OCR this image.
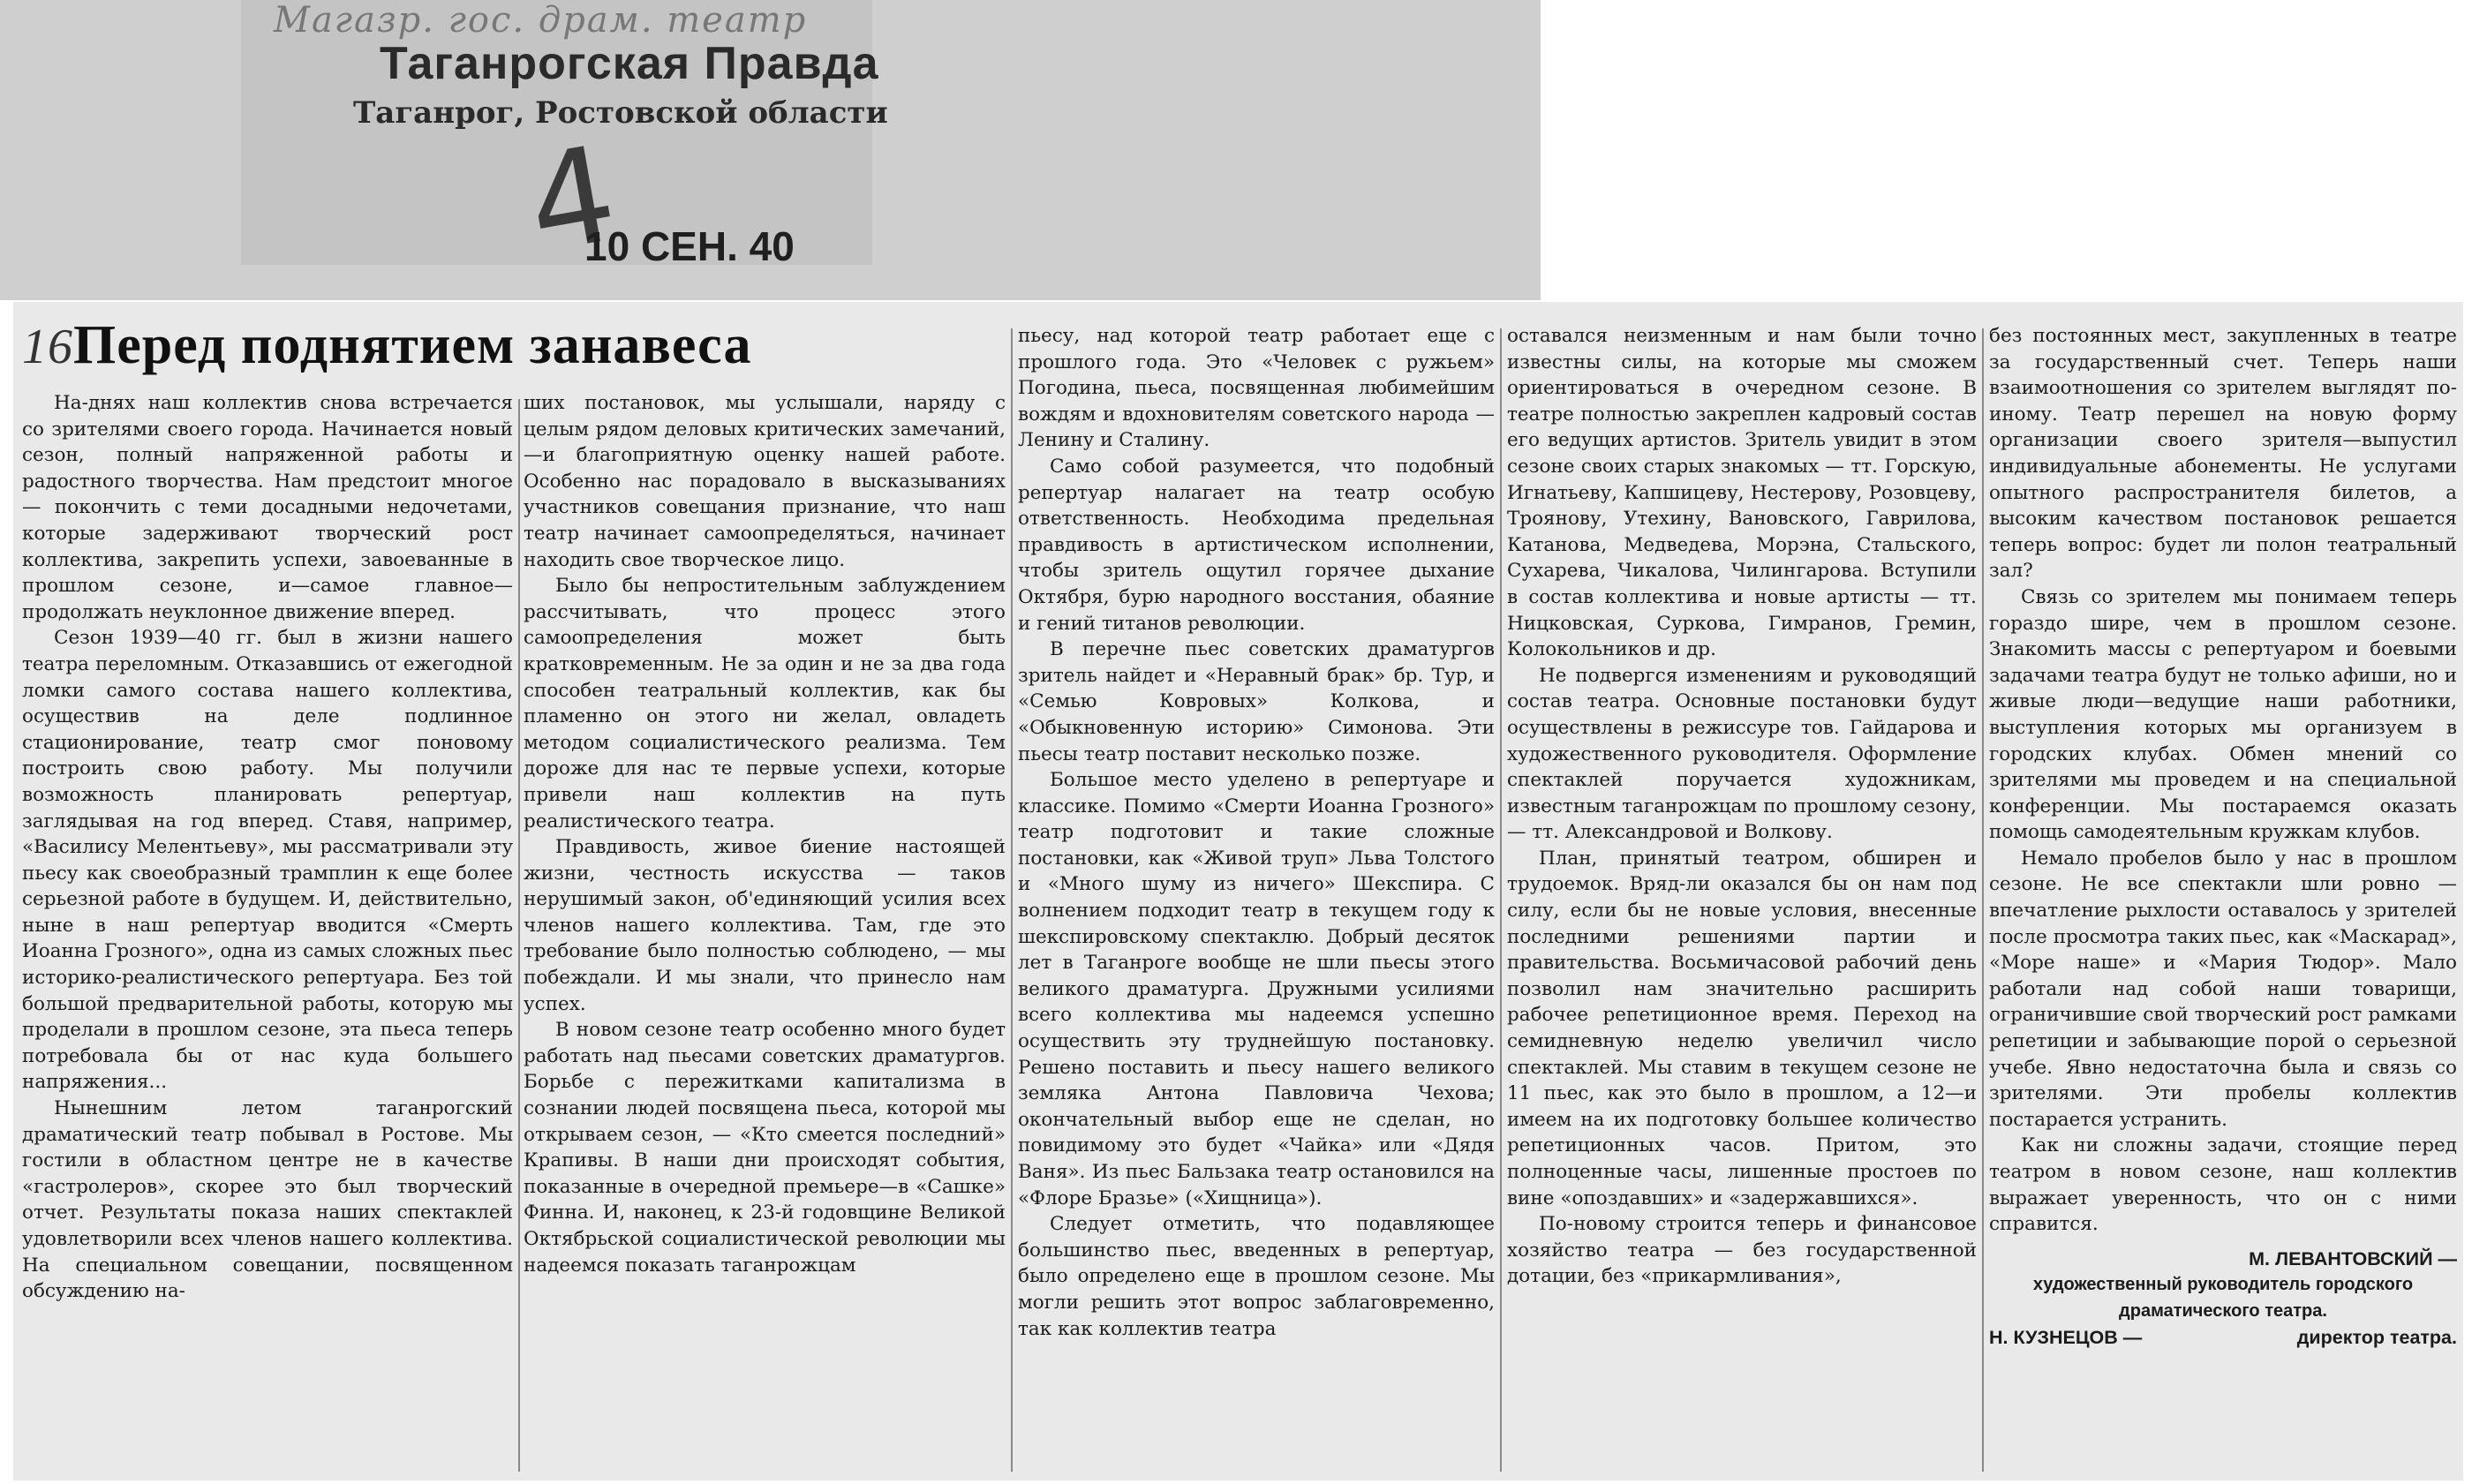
Магазр. гос. драм. театр
Таганрогская Правда
Таганрог, Ростовской области
4
10 СЕН. 40
16Перед поднятием занавеса

На-днях наш коллектив снова встречается со зрителями своего города. Начинается новый сезон, полный напряженной работы и радостного творчества. Нам предстоит многое — покончить с теми досадными недочетами, которые задерживают творческий рост коллектива, закрепить успехи, завоеванные в прошлом сезоне, и—самое главное—продолжать неуклонное движение вперед.

Сезон 1939—40 гг. был в жизни нашего театра переломным. Отказавшись от ежегодной ломки самого состава нашего коллектива, осуществив на деле подлинное стационирование, театр смог поновому построить свою работу. Мы получили возможность планировать репертуар, заглядывая на год вперед. Ставя, например, «Василису Мелентьеву», мы рассматривали эту пьесу как своеобразный трамплин к еще более серьезной работе в будущем. И, действительно, ныне в наш репертуар вводится «Смерть Иоанна Грозного», одна из самых сложных пьес историко-реалистического репертуара. Без той большой предварительной работы, которую мы проделали в прошлом сезоне, эта пьеса теперь потребовала бы от нас куда большего напряжения...

Нынешним летом таганрогский драматический театр побывал в Ростове. Мы гостили в областном центре не в качестве «гастролеров», скорее это был творческий отчет. Результаты показа наших спектаклей удовлетворили всех членов нашего коллектива. На специальном совещании, посвященном обсуждению на-

ших постановок, мы услышали, наряду с целым рядом деловых критических замечаний,—и благоприятную оценку нашей работе. Особенно нас порадовало в высказываниях участников совещания признание, что наш театр начинает самоопределяться, начинает находить свое творческое лицо.

Было бы непростительным заблуждением рассчитывать, что процесс этого самоопределения может быть кратковременным. Не за один и не за два года способен театральный коллектив, как бы пламенно он этого ни желал, овладеть методом социалистического реализма. Тем дороже для нас те первые успехи, которые привели наш коллектив на путь реалистического театра.

Правдивость, живое биение настоящей жизни, честность искусства — таков нерушимый закон, об'единяющий усилия всех членов нашего коллектива. Там, где это требование было полностью соблюдено, — мы побеждали. И мы знали, что принесло нам успех.

В новом сезоне театр особенно много будет работать над пьесами советских драматургов. Борьбе с пережитками капитализма в сознании людей посвящена пьеса, которой мы открываем сезон, — «Кто смеется последний» Крапивы. В наши дни происходят события, показанные в очередной премьере—в «Сашке» Финна. И, наконец, к 23-й годовщине Великой Октябрьской социалистической революции мы надеемся показать таганрожцам

пьесу, над которой театр работает еще с прошлого года. Это «Человек с ружьем» Погодина, пьеса, посвященная любимейшим вождям и вдохновителям советского народа — Ленину и Сталину.

Само собой разумеется, что подобный репертуар налагает на театр особую ответственность. Необходима предельная правдивость в артистическом исполнении, чтобы зритель ощутил горячее дыхание Октября, бурю народного восстания, обаяние и гений титанов революции.

В перечне пьес советских драматургов зритель найдет и «Неравный брак» бр. Тур, и «Семью Ковровых» Колкова, и «Обыкновенную историю» Симонова. Эти пьесы театр поставит несколько позже.

Большое место уделено в репертуаре и классике. Помимо «Смерти Иоанна Грозного» театр подготовит и такие сложные постановки, как «Живой труп» Льва Толстого и «Много шуму из ничего» Шекспира. С волнением подходит театр в текущем году к шекспировскому спектаклю. Добрый десяток лет в Таганроге вообще не шли пьесы этого великого драматурга. Дружными усилиями всего коллектива мы надеемся успешно осуществить эту труднейшую постановку. Решено поставить и пьесу нашего великого земляка Антона Павловича Чехова; окончательный выбор еще не сделан, но повидимому это будет «Чайка» или «Дядя Ваня». Из пьес Бальзака театр остановился на «Флоре Бразье» («Хищница»).

Следует отметить, что подавляющее большинство пьес, введенных в репертуар, было определено еще в прошлом сезоне. Мы могли решить этот вопрос заблаговременно, так как коллектив театра

оставался неизменным и нам были точно известны силы, на которые мы сможем ориентироваться в очередном сезоне. В театре полностью закреплен кадровый состав его ведущих артистов. Зритель увидит в этом сезоне своих старых знакомых — тт. Горскую, Игнатьеву, Капшицеву, Нестерову, Розовцеву, Троянову, Утехину, Вановского, Гаврилова, Катанова, Медведева, Морэна, Стальского, Сухарева, Чикалова, Чилингарова. Вступили в состав коллектива и новые артисты — тт. Ницковская, Суркова, Гимранов, Гремин, Колокольников и др.

Не подвергся изменениям и руководящий состав театра. Основные постановки будут осуществлены в режиссуре тов. Гайдарова и художественного руководителя. Оформление спектаклей поручается художникам, известным таганрожцам по прошлому сезону, — тт. Александровой и Волкову.

План, принятый театром, обширен и трудоемок. Вряд-ли оказался бы он нам под силу, если бы не новые условия, внесенные последними решениями партии и правительства. Восьмичасовой рабочий день позволил нам значительно расширить рабочее репетиционное время. Переход на семидневную неделю увеличил число спектаклей. Мы ставим в текущем сезоне не 11 пьес, как это было в прошлом, а 12—и имеем на их подготовку большее количество репетиционных часов. Притом, это полноценные часы, лишенные простоев по вине «опоздавших» и «задержавшихся».

По-новому строится теперь и финансовое хозяйство театра — без государственной дотации, без «прикармливания»,

без постоянных мест, закупленных в театре за государственный счет. Теперь наши взаимоотношения со зрителем выглядят по-иному. Театр перешел на новую форму организации своего зрителя—выпустил индивидуальные абонементы. Не услугами опытного распространителя билетов, а высоким качеством постановок решается теперь вопрос: будет ли полон театральный зал?

Связь со зрителем мы понимаем теперь гораздо шире, чем в прошлом сезоне. Знакомить массы с репертуаром и боевыми задачами театра будут не только афиши, но и живые люди—ведущие наши работники, выступления которых мы организуем в городских клубах. Обмен мнений со зрителями мы проведем и на специальной конференции. Мы постараемся оказать помощь самодеятельным кружкам клубов.

Немало пробелов было у нас в прошлом сезоне. Не все спектакли шли ровно — впечатление рыхлости оставалось у зрителей после просмотра таких пьес, как «Маскарад», «Море наше» и «Мария Тюдор». Мало работали над собой наши товарищи, ограничившие свой творческий рост рамками репетиции и забывающие порой о серьезной учебе. Явно недостаточна была и связь со зрителями. Эти пробелы коллектив постарается устранить.

Как ни сложны задачи, стоящие перед театром в новом сезоне, наш коллектив выражает уверенность, что он с ними справится.

М. ЛЕВАНТОВСКИЙ —
художественный руководитель городского драматического театра.
Н. КУЗНЕЦОВ —	директор театра.
